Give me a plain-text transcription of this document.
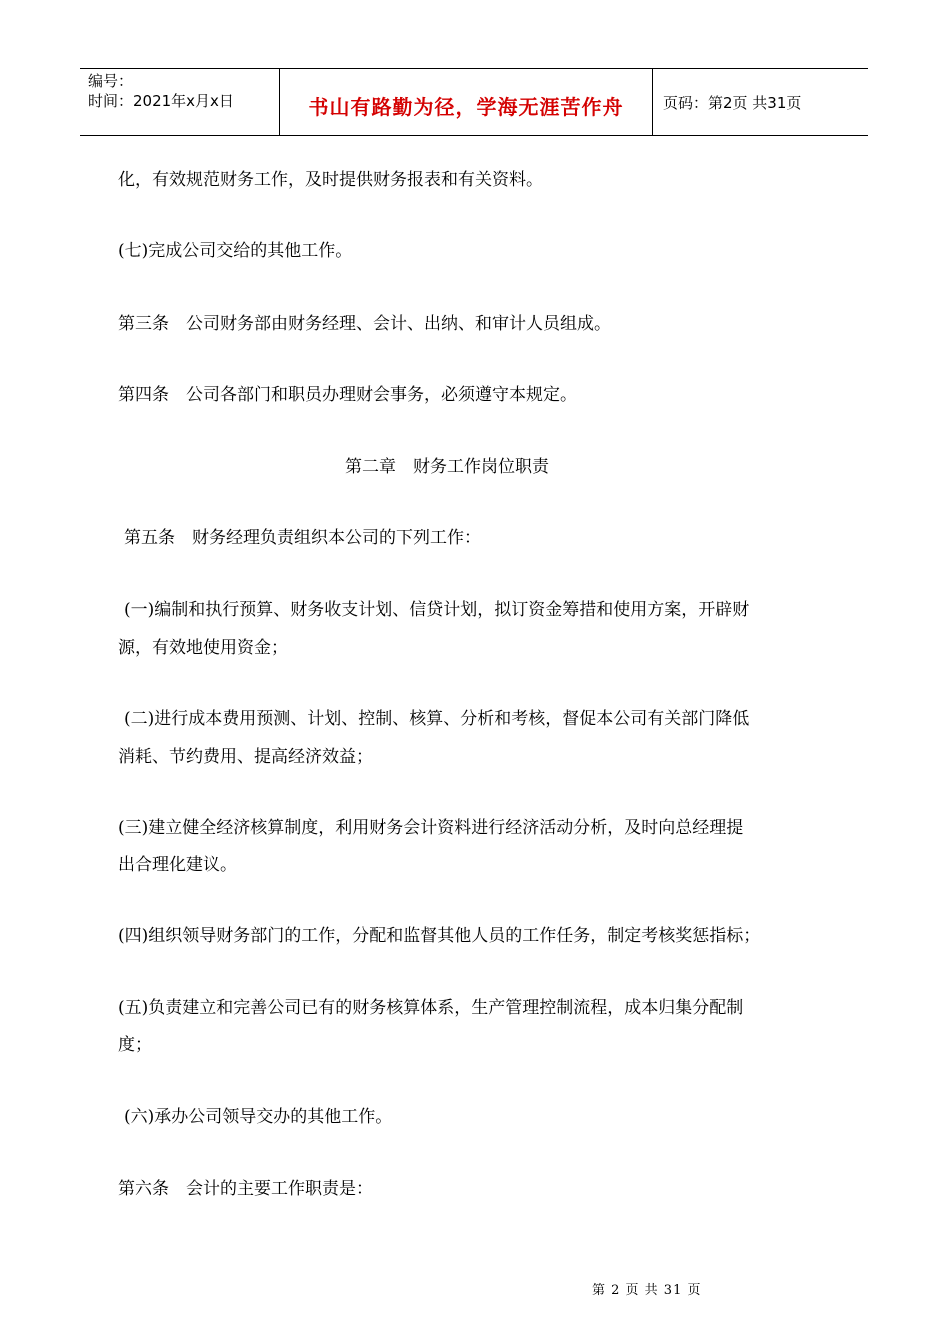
编号：
时间：2021年x月x日	书山有路勤为径，学海无涯苦作舟	页码：第2页 共31页
化，有效规范财务工作，及时提供财务报表和有关资料。
(七)完成公司交给的其他工作。
第三条　公司财务部由财务经理、会计、出纳、和审计人员组成。
第四条　公司各部门和职员办理财会事务，必须遵守本规定。
第二章　财务工作岗位职责
第五条　财务经理负责组织本公司的下列工作：
(一)编制和执行预算、财务收支计划、信贷计划，拟订资金筹措和使用方案，开辟财
源，有效地使用资金；
(二)进行成本费用预测、计划、控制、核算、分析和考核，督促本公司有关部门降低
消耗、节约费用、提高经济效益；
(三)建立健全经济核算制度，利用财务会计资料进行经济活动分析，及时向总经理提
出合理化建议。
(四)组织领导财务部门的工作，分配和监督其他人员的工作任务，制定考核奖惩指标；
(五)负责建立和完善公司已有的财务核算体系，生产管理控制流程，成本归集分配制
度；
(六)承办公司领导交办的其他工作。
第六条　会计的主要工作职责是：
第 2 页 共 31 页
